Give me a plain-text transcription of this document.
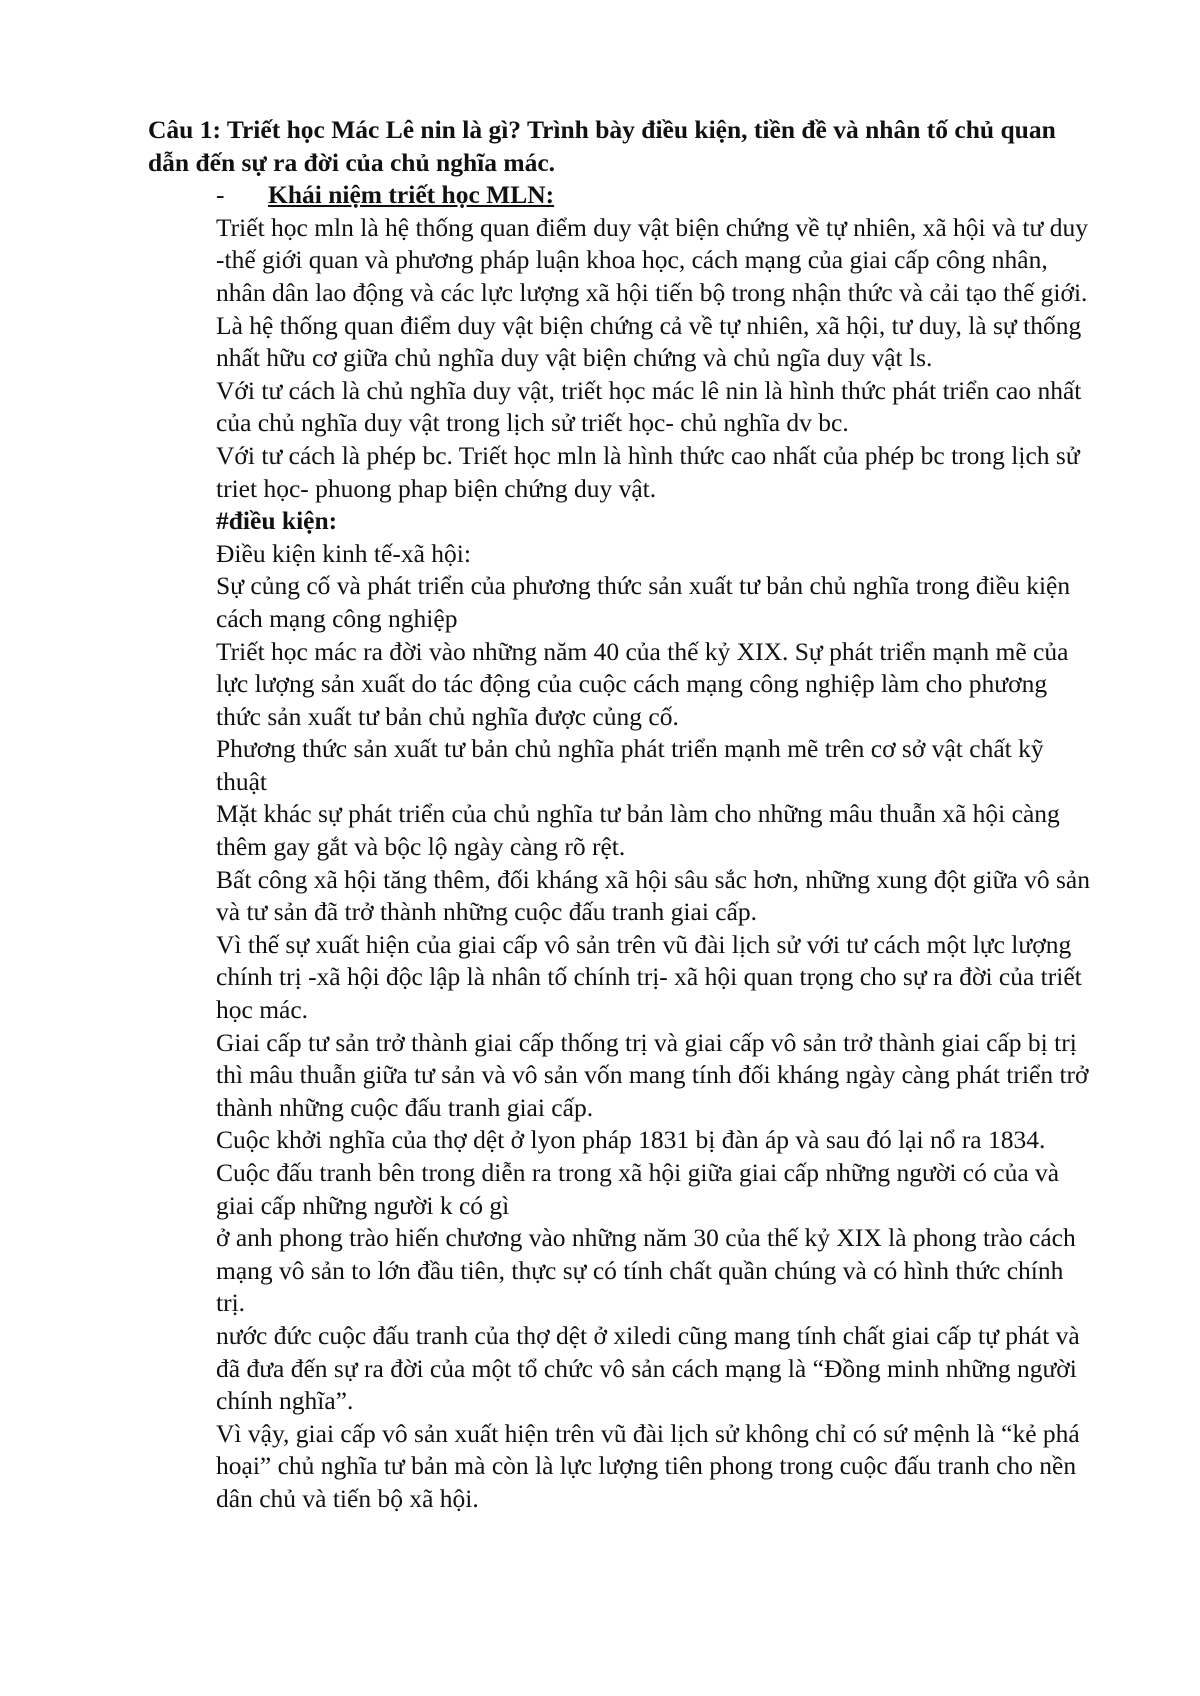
Câu 1: Triết học Mác Lê nin là gì? Trình bày điều kiện, tiền đề và nhân tố chủ quan dẫn đến sự ra đời của chủ nghĩa mác.

-	Khái niệm triết học MLN:

Triết học mln là hệ thống quan điểm duy vật biện chứng về tự nhiên, xã hội và tư duy -thế giới quan và phương pháp luận khoa học, cách mạng của giai cấp công nhân, nhân dân lao động và các lực lượng xã hội tiến bộ trong nhận thức và cải tạo thế giới.

Là hệ thống quan điểm duy vật biện chứng cả về tự nhiên, xã hội, tư duy, là sự thống nhất hữu cơ giữa chủ nghĩa duy vật biện chứng và chủ ngĩa duy vật ls.

Với tư cách là chủ nghĩa duy vật, triết học mác lê nin là hình thức phát triển cao nhất của chủ nghĩa duy vật trong lịch sử triết học- chủ nghĩa dv bc.

Với tư cách là phép bc. Triết học mln là hình thức cao nhất của phép bc trong lịch sử triet học- phuong phap biện chứng duy vật.

#điều kiện:

Điều kiện kinh tế-xã hội:

Sự củng cố và phát triển của phương thức sản xuất tư bản chủ nghĩa trong điều kiện cách mạng công nghiệp

Triết học mác ra đời vào những năm 40 của thế kỷ XIX. Sự phát triển mạnh mẽ của lực lượng sản xuất do tác động của cuộc cách mạng công nghiệp làm cho phương thức sản xuất tư bản chủ nghĩa được củng cố.

Phương thức sản xuất tư bản chủ nghĩa phát triển mạnh mẽ trên cơ sở vật chất kỹ thuật

Mặt khác sự phát triển của chủ nghĩa tư bản làm cho những mâu thuẫn xã hội càng thêm gay gắt và bộc lộ ngày càng rõ rệt.

Bất công xã hội tăng thêm, đối kháng xã hội sâu sắc hơn, những xung đột giữa vô sản và tư sản đã trở thành những cuộc đấu tranh giai cấp.

Vì thế sự xuất hiện của giai cấp vô sản trên vũ đài lịch sử với tư cách một lực lượng chính trị -xã hội độc lập là nhân tố chính trị- xã hội quan trọng cho sự ra đời của triết học mác.

Giai cấp tư sản trở thành giai cấp thống trị và giai cấp vô sản trở thành giai cấp bị trị thì mâu thuẫn giữa tư sản và vô sản vốn mang tính đối kháng ngày càng phát triển trở thành những cuộc đấu tranh giai cấp.

Cuộc khởi nghĩa của thợ dệt ở lyon pháp 1831 bị đàn áp và sau đó lại nổ ra 1834. Cuộc đấu tranh bên trong diễn ra trong xã hội giữa giai cấp những người có của và giai cấp những người k có gì

ở anh phong trào hiến chương vào những năm 30 của thế kỷ XIX là phong trào cách mạng vô sản to lớn đầu tiên, thực sự có tính chất quần chúng và có hình thức chính trị.

nước đức cuộc đấu tranh của thợ dệt ở xiledi cũng mang tính chất giai cấp tự phát và đã đưa đến sự ra đời của một tổ chức vô sản cách mạng là “Đồng minh những người chính nghĩa”.

Vì vậy, giai cấp vô sản xuất hiện trên vũ đài lịch sử không chỉ có sứ mệnh là “kẻ phá hoại” chủ nghĩa tư bản mà còn là lực lượng tiên phong trong cuộc đấu tranh cho nền dân chủ và tiến bộ xã hội.
